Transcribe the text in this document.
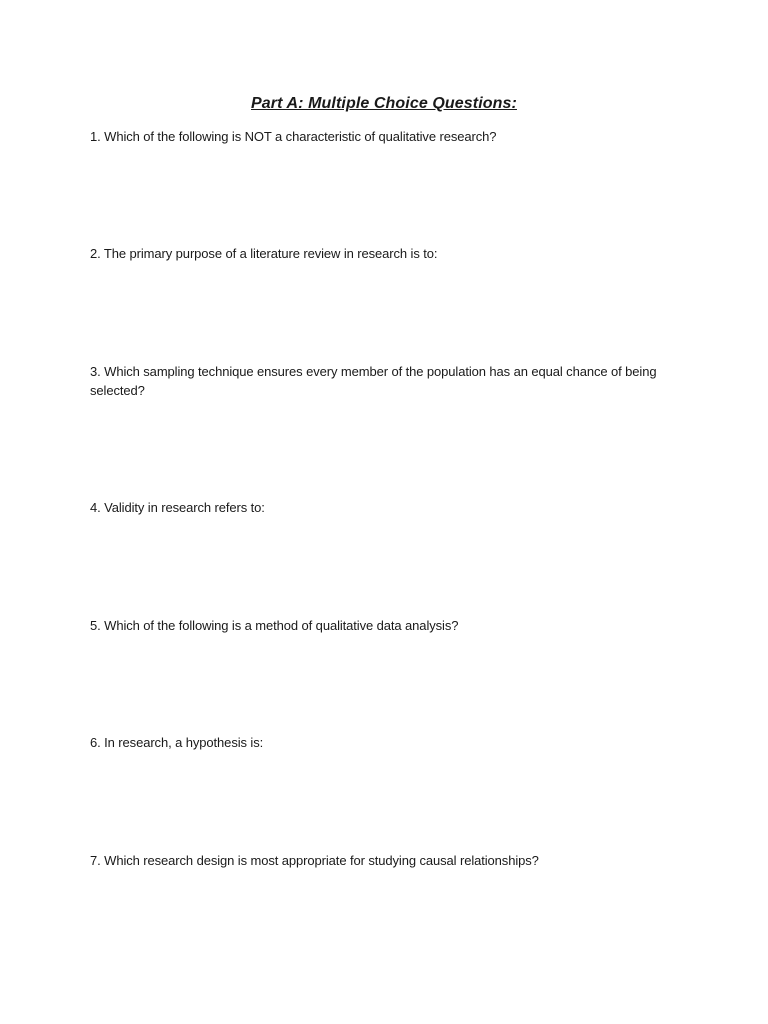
Part A: Multiple Choice Questions:
1. Which of the following is NOT a characteristic of qualitative research?
2. The primary purpose of a literature review in research is to:
3. Which sampling technique ensures every member of the population has an equal chance of being selected?
4. Validity in research refers to:
5. Which of the following is a method of qualitative data analysis?
6. In research, a hypothesis is:
7. Which research design is most appropriate for studying causal relationships?
